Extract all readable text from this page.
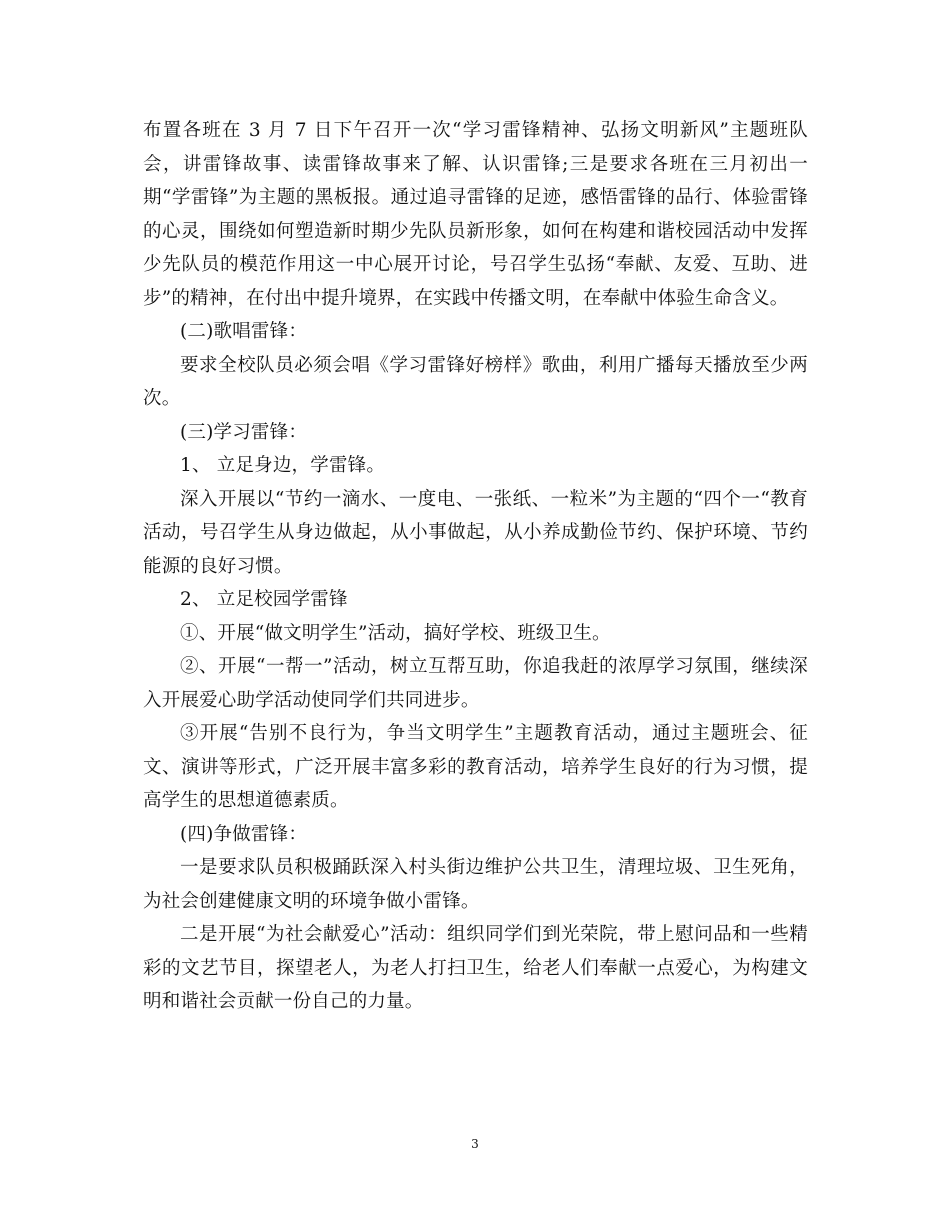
布置各班在 3 月 7 日下午召开一次“学习雷锋精神、弘扬文明新风”主题班队会，讲雷锋故事、读雷锋故事来了解、认识雷锋;三是要求各班在三月初出一期“学雷锋”为主题的黑板报。通过追寻雷锋的足迹，感悟雷锋的品行、体验雷锋的心灵，围绕如何塑造新时期少先队员新形象，如何在构建和谐校园活动中发挥少先队员的模范作用这一中心展开讨论，号召学生弘扬“奉献、友爱、互助、进步”的精神，在付出中提升境界，在实践中传播文明，在奉献中体验生命含义。

(二)歌唱雷锋：

要求全校队员必须会唱《学习雷锋好榜样》歌曲，利用广播每天播放至少两次。

(三)学习雷锋：

1、 立足身边，学雷锋。

深入开展以“节约一滴水、一度电、一张纸、一粒米”为主题的“四个一“教育活动，号召学生从身边做起，从小事做起，从小养成勤俭节约、保护环境、节约能源的良好习惯。

2、 立足校园学雷锋

①、开展“做文明学生”活动，搞好学校、班级卫生。

②、开展“一帮一”活动，树立互帮互助，你追我赶的浓厚学习氛围，继续深入开展爱心助学活动使同学们共同进步。

③开展“告别不良行为，争当文明学生”主题教育活动，通过主题班会、征文、演讲等形式，广泛开展丰富多彩的教育活动，培养学生良好的行为习惯，提高学生的思想道德素质。

(四)争做雷锋：

一是要求队员积极踊跃深入村头街边维护公共卫生，清理垃圾、卫生死角，为社会创建健康文明的环境争做小雷锋。

二是开展“为社会献爱心”活动：组织同学们到光荣院，带上慰问品和一些精彩的文艺节目，探望老人，为老人打扫卫生，给老人们奉献一点爱心，为构建文明和谐社会贡献一份自己的力量。

3
